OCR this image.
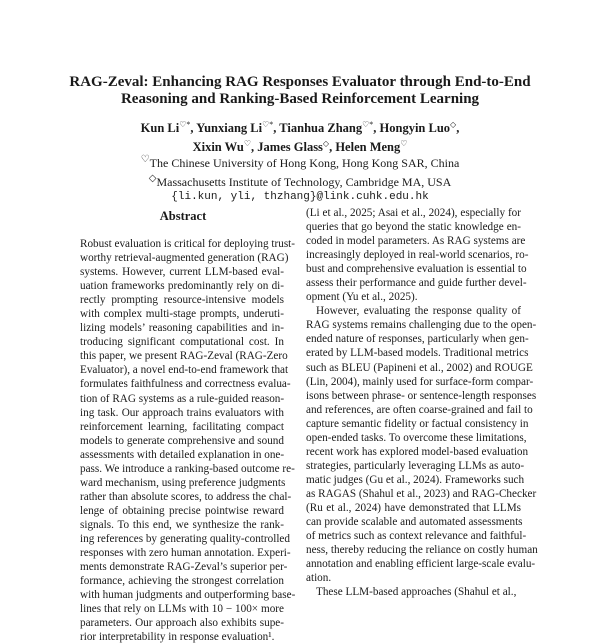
RAG-Zeval: Enhancing RAG Responses Evaluator through End-to-End
Reasoning and Ranking-Based Reinforcement Learning
Kun Li♡*, Yunxiang Li♡*, Tianhua Zhang♡*, Hongyin Luo◇,
Xixin Wu♡, James Glass◇, Helen Meng♡
♡The Chinese University of Hong Kong, Hong Kong SAR, China
◇Massachusetts Institute of Technology, Cambridge MA, USA
{li.kun, yli, thzhang}@link.cuhk.edu.hk
Abstract
Robust evaluation is critical for deploying trust-
worthy retrieval-augmented generation (RAG)
systems. However, current LLM-based eval-
uation frameworks predominantly rely on di-
rectly prompting resource-intensive models
with complex multi-stage prompts, underuti-
lizing models’ reasoning capabilities and in-
troducing significant computational cost. In
this paper, we present RAG-Zeval (RAG-Zero
Evaluator), a novel end-to-end framework that
formulates faithfulness and correctness evalua-
tion of RAG systems as a rule-guided reason-
ing task. Our approach trains evaluators with
reinforcement learning, facilitating compact
models to generate comprehensive and sound
assessments with detailed explanation in one-
pass. We introduce a ranking-based outcome re-
ward mechanism, using preference judgments
rather than absolute scores, to address the chal-
lenge of obtaining precise pointwise reward
signals. To this end, we synthesize the rank-
ing references by generating quality-controlled
responses with zero human annotation. Experi-
ments demonstrate RAG-Zeval’s superior per-
formance, achieving the strongest correlation
with human judgments and outperforming base-
lines that rely on LLMs with 10 − 100× more
parameters. Our approach also exhibits supe-
rior interpretability in response evaluation¹.
(Li et al., 2025; Asai et al., 2024), especially for
queries that go beyond the static knowledge en-
coded in model parameters. As RAG systems are
increasingly deployed in real-world scenarios, ro-
bust and comprehensive evaluation is essential to
assess their performance and guide further devel-
opment (Yu et al., 2025).
However, evaluating the response quality of
RAG systems remains challenging due to the open-
ended nature of responses, particularly when gen-
erated by LLM-based models. Traditional metrics
such as BLEU (Papineni et al., 2002) and ROUGE
(Lin, 2004), mainly used for surface-form compar-
isons between phrase- or sentence-length responses
and references, are often coarse-grained and fail to
capture semantic fidelity or factual consistency in
open-ended tasks. To overcome these limitations,
recent work has explored model-based evaluation
strategies, particularly leveraging LLMs as auto-
matic judges (Gu et al., 2024). Frameworks such
as RAGAS (Shahul et al., 2023) and RAG-Checker
(Ru et al., 2024) have demonstrated that LLMs
can provide scalable and automated assessments
of metrics such as context relevance and faithful-
ness, thereby reducing the reliance on costly human
annotation and enabling efficient large-scale evalu-
ation.
These LLM-based approaches (Shahul et al.,
